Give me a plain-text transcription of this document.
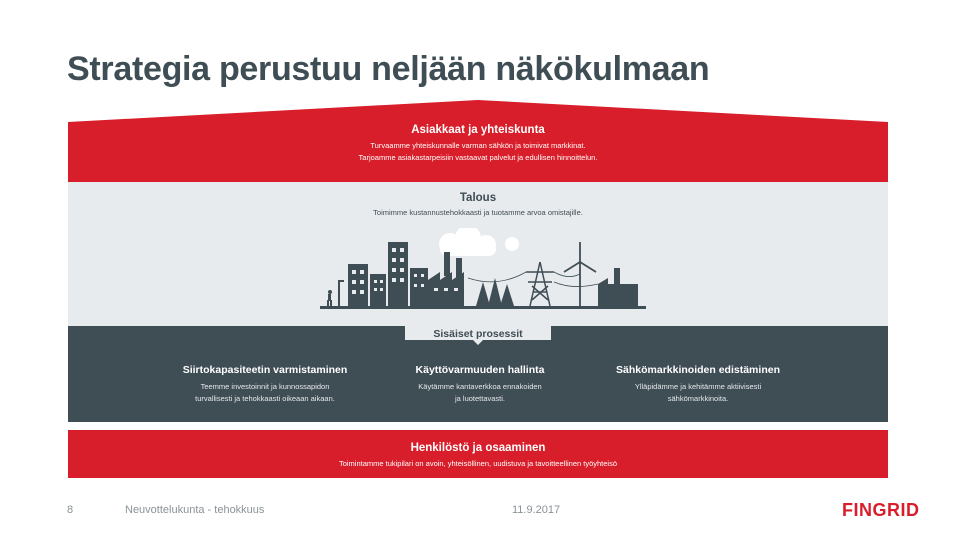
Strategia perustuu neljään näkökulmaan
Asiakkaat ja yhteiskunta
Turvaamme yhteiskunnalle varman sähkön ja toimivat markkinat.
Tarjoamme asiakastarpeisiin vastaavat palvelut ja edullisen hinnoittelun.
Talous
Toimimme kustannustehokkaasti ja tuotamme arvoa omistajille.
Sisäiset prosessit
Siirtokapasiteetin varmistaminen
Teemme investoinnit ja kunnossapidon
turvallisesti ja tehokkaasti oikeaan aikaan.
Käyttövarmuuden hallinta
Käytämme kantaverkkoa ennakoiden
ja luotettavasti.
Sähkömarkkinoiden edistäminen
Ylläpidämme ja kehitämme aktiivisesti
sähkömarkkinoita.
Henkilöstö ja osaaminen
Toimintamme tukipilari on avoin, yhteisöllinen, uudistuva ja tavoitteellinen työyhteisö
8	Neuvottelukunta - tehokkuus	11.9.2017	FINGRID
